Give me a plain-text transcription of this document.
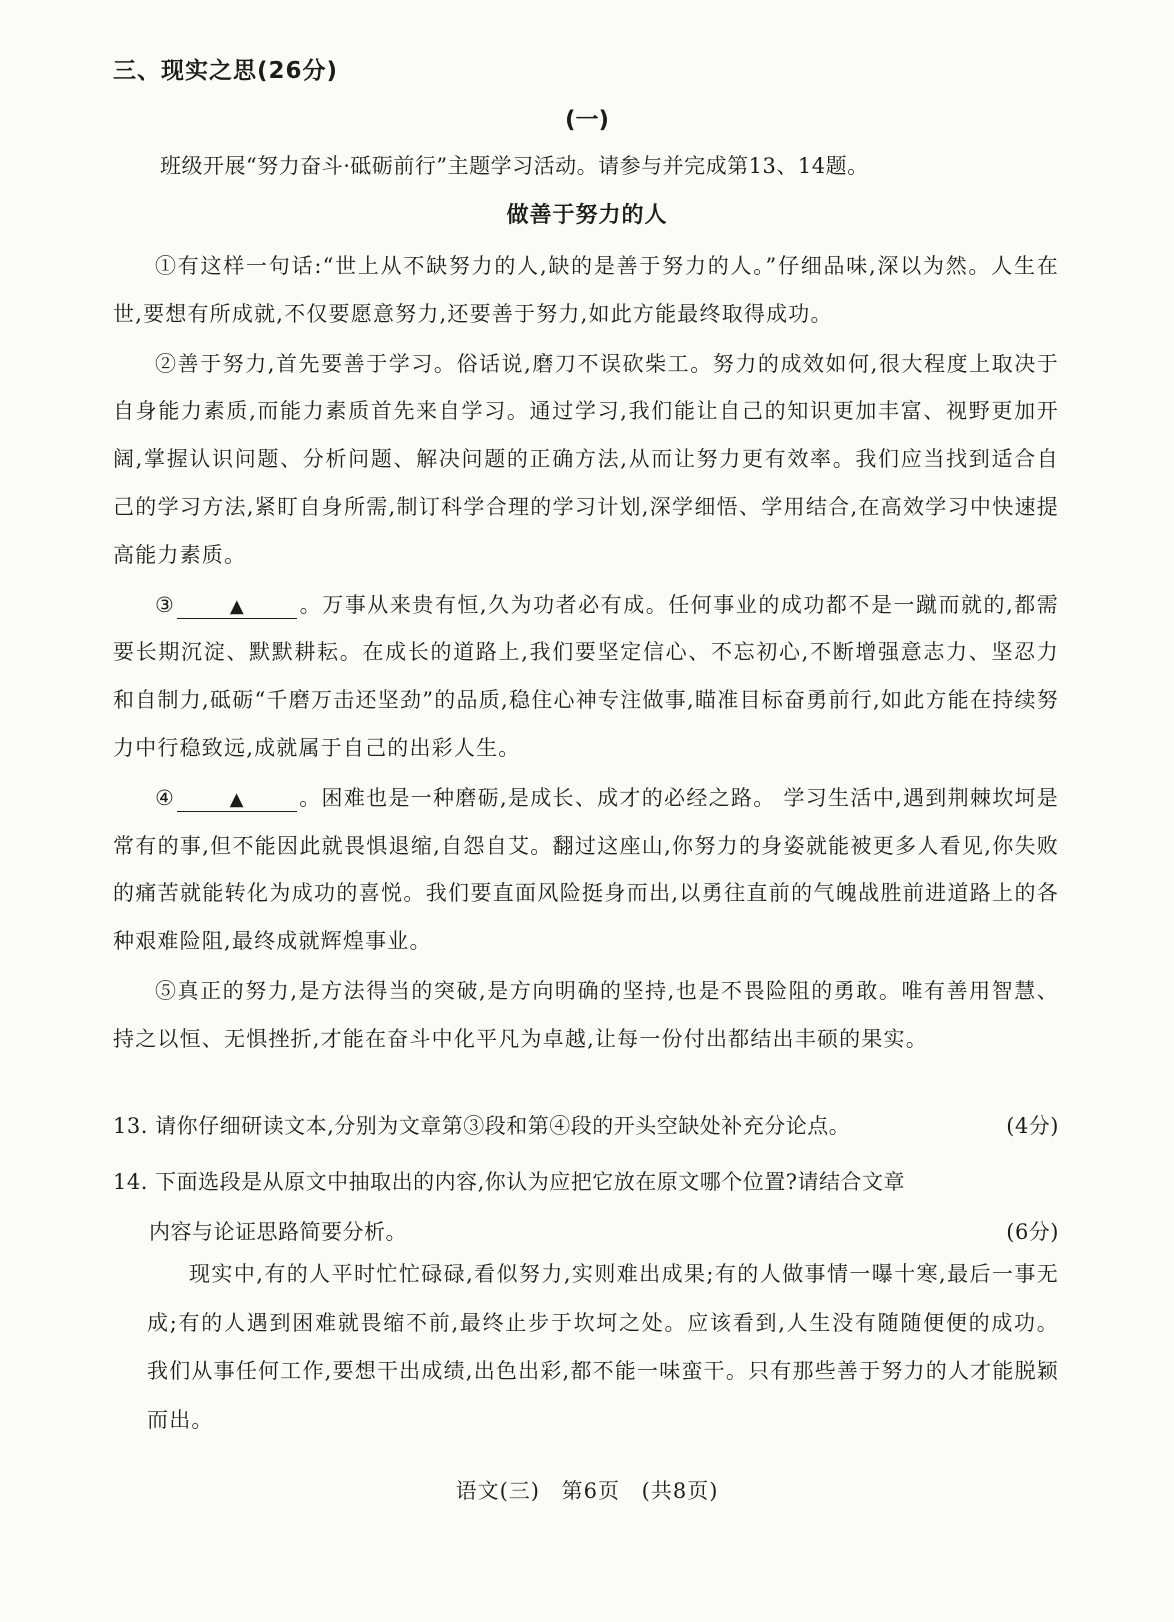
三、现实之思(26分)
(一)
班级开展“努力奋斗·砥砺前行”主题学习活动。请参与并完成第13、14题。
做善于努力的人

①有这样一句话:“世上从不缺努力的人,缺的是善于努力的人。”仔细品味,深以为然。人生在世,要想有所成就,不仅要愿意努力,还要善于努力,如此方能最终取得成功。

②善于努力,首先要善于学习。俗话说,磨刀不误砍柴工。努力的成效如何,很大程度上取决于自身能力素质,而能力素质首先来自学习。通过学习,我们能让自己的知识更加丰富、视野更加开阔,掌握认识问题、分析问题、解决问题的正确方法,从而让努力更有效率。我们应当找到适合自己的学习方法,紧盯自身所需,制订科学合理的学习计划,深学细悟、学用结合,在高效学习中快速提高能力素质。

③	▲	。万事从来贵有恒,久为功者必有成。任何事业的成功都不是一蹴而就的,都需要长期沉淀、默默耕耘。在成长的道路上,我们要坚定信心、不忘初心,不断增强意志力、坚忍力和自制力,砥砺“千磨万击还坚劲”的品质,稳住心神专注做事,瞄准目标奋勇前行,如此方能在持续努力中行稳致远,成就属于自己的出彩人生。

④	▲	。困难也是一种磨砺,是成长、成才的必经之路。 学习生活中,遇到荆棘坎坷是常有的事,但不能因此就畏惧退缩,自怨自艾。翻过这座山,你努力的身姿就能被更多人看见,你失败的痛苦就能转化为成功的喜悦。我们要直面风险挺身而出,以勇往直前的气魄战胜前进道路上的各种艰难险阻,最终成就辉煌事业。

⑤真正的努力,是方法得当的突破,是方向明确的坚持,也是不畏险阻的勇敢。唯有善用智慧、持之以恒、无惧挫折,才能在奋斗中化平凡为卓越,让每一份付出都结出丰硕的果实。

13. 请你仔细研读文本,分别为文章第③段和第④段的开头空缺处补充分论点。	(4分)
14. 下面选段是从原文中抽取出的内容,你认为应把它放在原文哪个位置?请结合文章
内容与论证思路简要分析。	(6分)
现实中,有的人平时忙忙碌碌,看似努力,实则难出成果;有的人做事情一曝十寒,最后一事无成;有的人遇到困难就畏缩不前,最终止步于坎坷之处。应该看到,人生没有随随便便的成功。我们从事任何工作,要想干出成绩,出色出彩,都不能一味蛮干。只有那些善于努力的人才能脱颖而出。
语文(三) 第6页 (共8页)
